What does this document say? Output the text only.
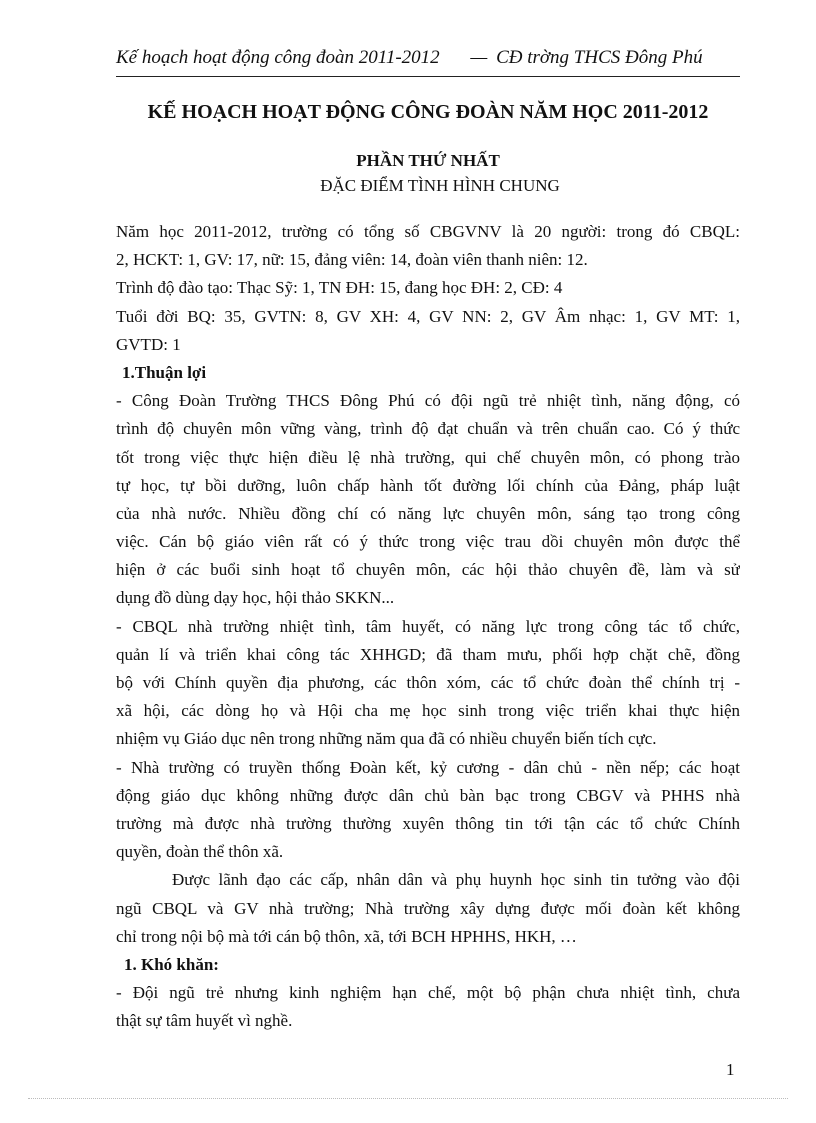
Kế hoạch hoạt động công đoàn 2011-2012 — CĐ trờng THCS Đông Phú
KẾ HOẠCH HOẠT ĐỘNG CÔNG ĐOÀN NĂM HỌC 2011-2012
PHẦN THỨ NHẤT
ĐẶC ĐIỂM TÌNH HÌNH CHUNG
Năm học 2011-2012, trường có tổng số CBGVNV là 20 người: trong đó CBQL:
2, HCKT: 1, GV: 17, nữ: 15, đảng viên: 14, đoàn viên thanh niên: 12.
Trình độ đào tạo: Thạc Sỹ: 1, TN ĐH: 15, đang học ĐH: 2, CĐ: 4
Tuổi đời BQ: 35, GVTN: 8, GV XH: 4, GV NN: 2, GV Âm nhạc: 1, GV MT: 1,
GVTD: 1
1.Thuận lợi
- Công Đoàn Trường THCS Đông Phú có đội ngũ trẻ nhiệt tình, năng động, có
trình độ chuyên môn vững vàng, trình độ đạt chuẩn và trên chuẩn cao. Có ý thức
tốt trong việc thực hiện điều lệ nhà trường, qui chế chuyên môn, có phong trào
tự học, tự bồi dưỡng, luôn chấp hành tốt đường lối chính của Đảng, pháp luật
của nhà nước. Nhiều đồng chí có năng lực chuyên môn, sáng tạo trong công
việc. Cán bộ giáo viên rất có ý thức trong việc trau dồi chuyên môn được thể
hiện ở các buổi sinh hoạt tổ chuyên môn, các hội thảo chuyên đề, làm và sử
dụng đồ dùng dạy học, hội thảo SKKN...
- CBQL nhà trường nhiệt tình, tâm huyết, có năng lực trong công tác tổ chức,
quản lí và triển khai công tác XHHGD; đã tham mưu, phối hợp chặt chẽ, đồng
bộ với Chính quyền địa phương, các thôn xóm, các tổ chức đoàn thể chính trị -
xã hội, các dòng họ và Hội cha mẹ học sinh trong việc triển khai thực hiện
nhiệm vụ Giáo dục nên trong những năm qua đã có nhiều chuyển biến tích cực.
- Nhà trường có truyền thống Đoàn kết, kỷ cương - dân chủ - nền nếp; các hoạt
động giáo dục không những được dân chủ bàn bạc trong CBGV và PHHS nhà
trường mà được nhà trường thường xuyên thông tin tới tận các tổ chức Chính
quyền, đoàn thể thôn xã.
Được lãnh đạo các cấp, nhân dân và phụ huynh học sinh tin tưởng vào đội
ngũ CBQL và GV nhà trường; Nhà trường xây dựng được mối đoàn kết không
chỉ trong nội bộ mà tới cán bộ thôn, xã, tới BCH HPHHS, HKH, …
1. Khó khăn:
- Đội ngũ trẻ nhưng kinh nghiệm hạn chế, một bộ phận chưa nhiệt tình, chưa
thật sự tâm huyết vì nghề.
1
